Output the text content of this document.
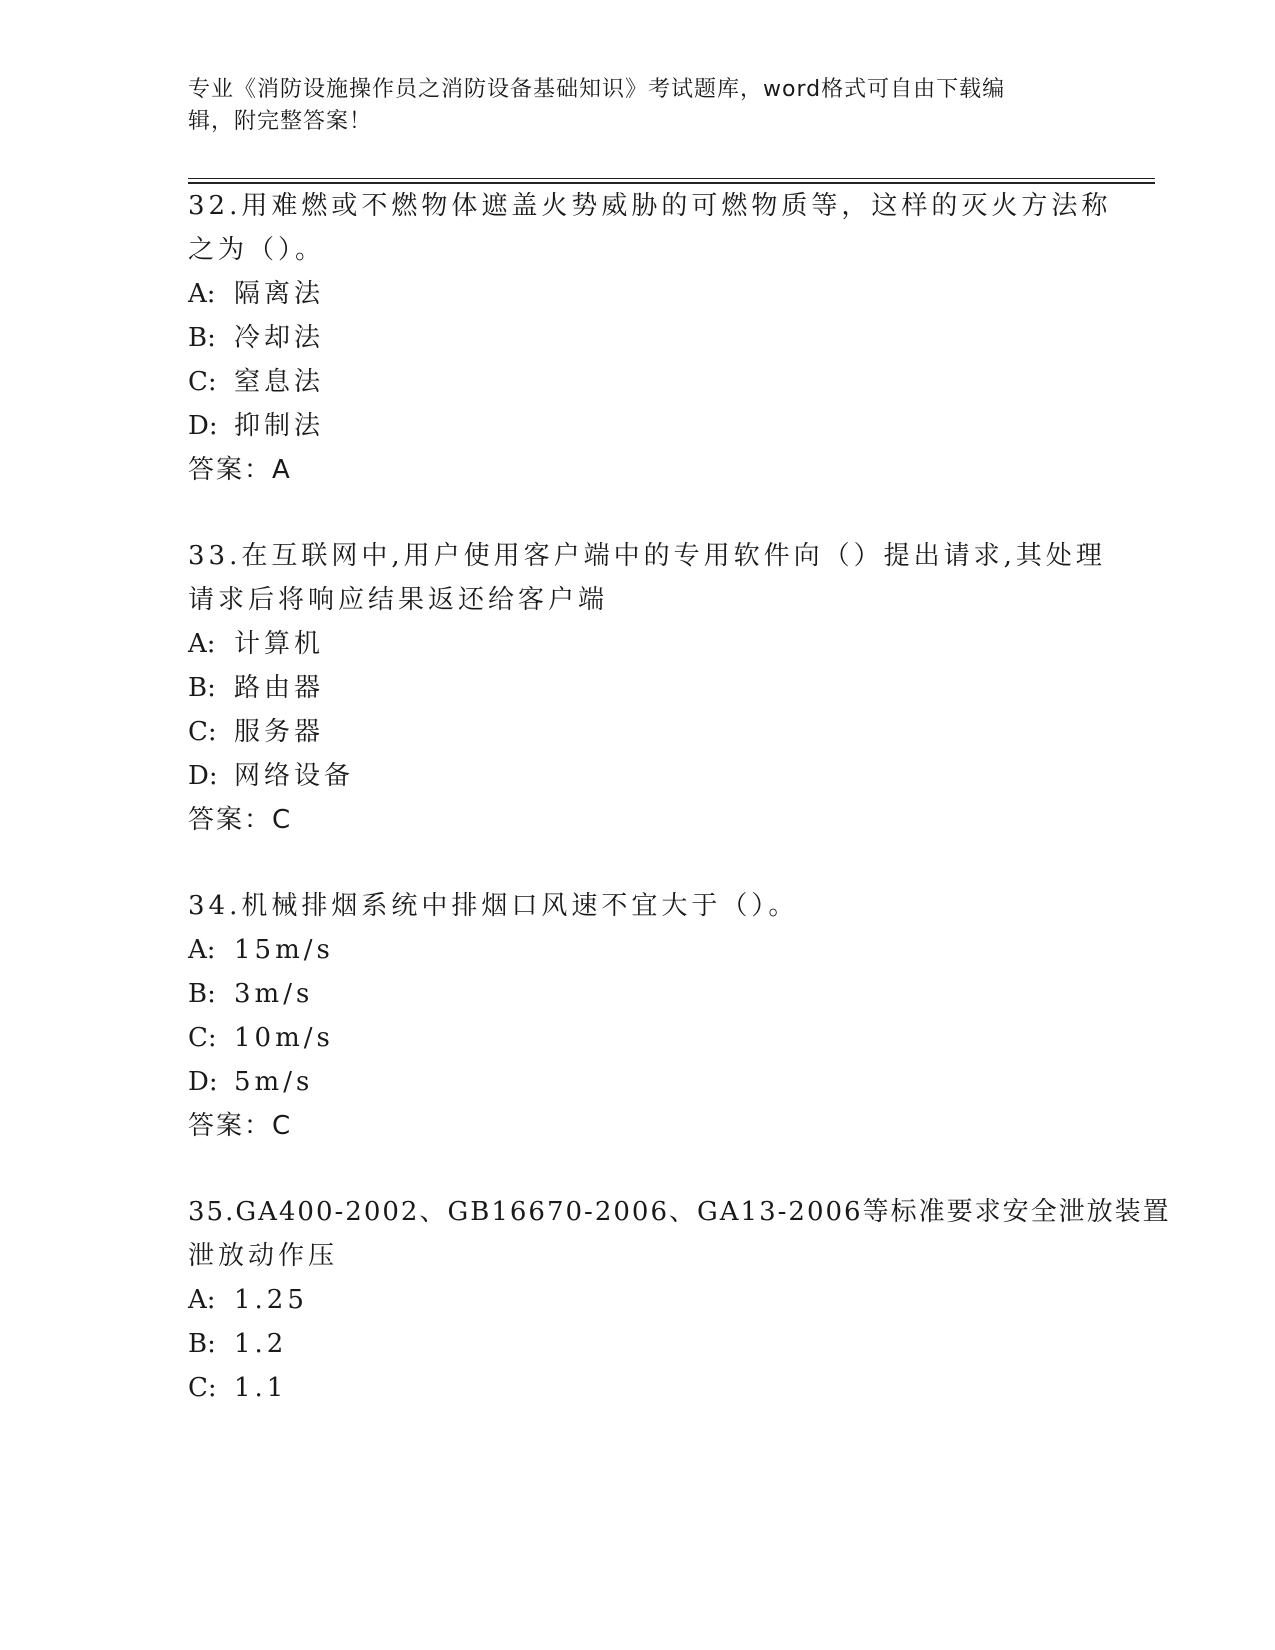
专业《消防设施操作员之消防设备基础知识》考试题库，word格式可自由下载编
辑，附完整答案！
32.用难燃或不燃物体遮盖火势威胁的可燃物质等，这样的灭火方法称
之为（）。
A: 隔离法
B: 冷却法
C: 窒息法
D: 抑制法
答案：A
33.在互联网中,用户使用客户端中的专用软件向（）提出请求,其处理
请求后将响应结果返还给客户端
A: 计算机
B: 路由器
C: 服务器
D: 网络设备
答案：C
34.机械排烟系统中排烟口风速不宜大于（）。
A: 15m/s
B: 3m/s
C: 10m/s
D: 5m/s
答案：C
35.GA400-2002、GB16670-2006、GA13-2006等标准要求安全泄放装置
泄放动作压
A: 1.25
B: 1.2
C: 1.1
